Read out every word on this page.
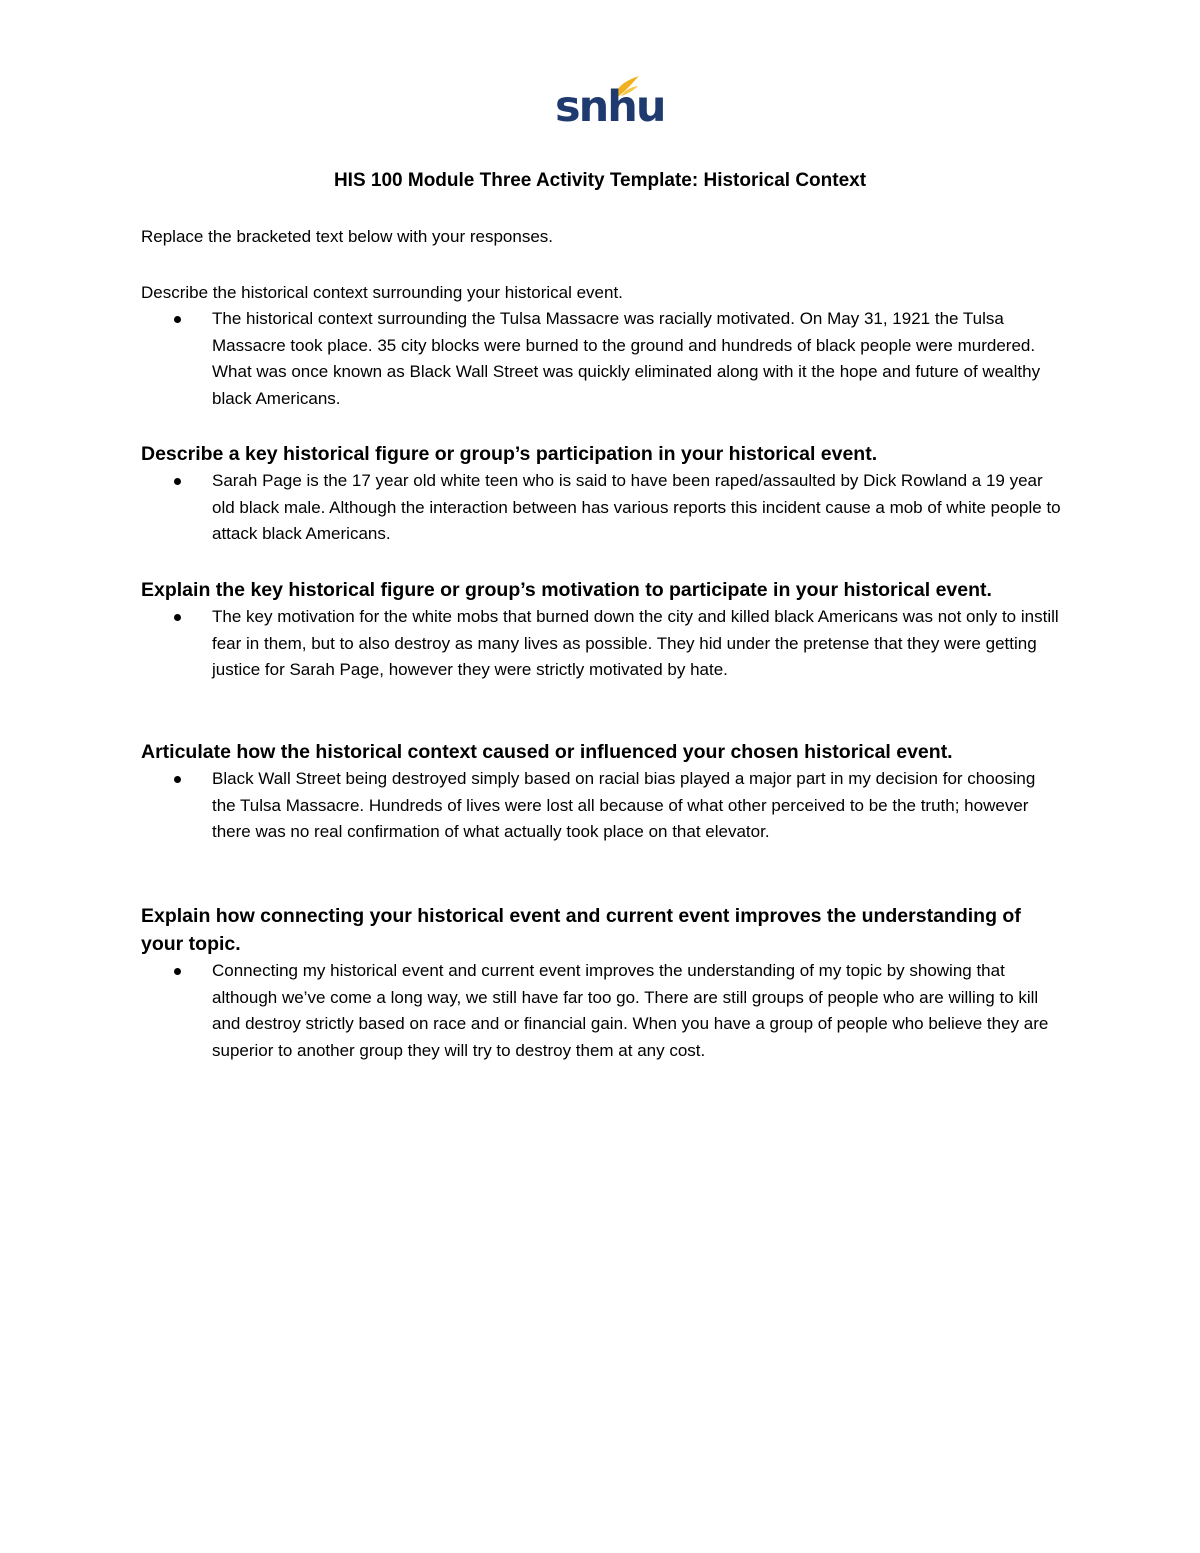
snhu
HIS 100 Module Three Activity Template: Historical Context

Replace the bracketed text below with your responses.

Describe the historical context surrounding your historical event.

The historical context surrounding the Tulsa Massacre was racially motivated. On May 31, 1921 the Tulsa Massacre took place. 35 city blocks were burned to the ground and hundreds of black people were murdered. What was once known as Black Wall Street was quickly eliminated along with it the hope and future of wealthy black Americans.

Describe a key historical figure or group’s participation in your historical event.

Sarah Page is the 17 year old white teen who is said to have been raped/assaulted by Dick Rowland a 19 year old black male. Although the interaction between has various reports this incident cause a mob of white people to attack black Americans.

Explain the key historical figure or group’s motivation to participate in your historical event.

The key motivation for the white mobs that burned down the city and killed black Americans was not only to instill fear in them, but to also destroy as many lives as possible. They hid under the pretense that they were getting justice for Sarah Page, however they were strictly motivated by hate.

Articulate how the historical context caused or influenced your chosen historical event.

Black Wall Street being destroyed simply based on racial bias played a major part in my decision for choosing the Tulsa Massacre. Hundreds of lives were lost all because of what other perceived to be the truth; however there was no real confirmation of what actually took place on that elevator.

Explain how connecting your historical event and current event improves the understanding of your topic.

Connecting my historical event and current event improves the understanding of my topic by showing that although we’ve come a long way, we still have far too go. There are still groups of people who are willing to kill and destroy strictly based on race and or financial gain. When you have a group of people who believe they are superior to another group they will try to destroy them at any cost.
